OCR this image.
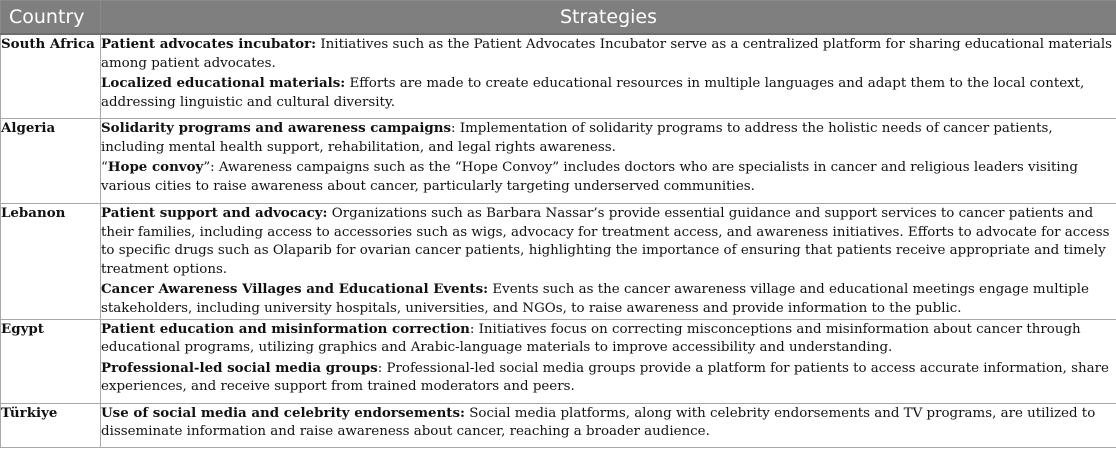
Country	Strategies
South Africa	Patient advocates incubator: Initiatives such as the Patient Advocates Incubator serve as a centralized platform for sharing educational materials among patient advocates.

Localized educational materials: Efforts are made to create educational resources in multiple languages and adapt them to the local context, addressing linguistic and cultural diversity.

Algeria	Solidarity programs and awareness campaigns: Implementation of solidarity programs to address the holistic needs of cancer patients, including mental health support, rehabilitation, and legal rights awareness.

“Hope convoy”: Awareness campaigns such as the “Hope Convoy” includes doctors who are specialists in cancer and religious leaders visiting various cities to raise awareness about cancer, particularly targeting underserved communities.

Lebanon	Patient support and advocacy: Organizations such as Barbara Nassar’s provide essential guidance and support services to cancer patients and their families, including access to accessories such as wigs, advocacy for treatment access, and awareness initiatives. Efforts to advocate for access to specific drugs such as Olaparib for ovarian cancer patients, highlighting the importance of ensuring that patients receive appropriate and timely treatment options.

Cancer Awareness Villages and Educational Events: Events such as the cancer awareness village and educational meetings engage multiple stakeholders, including university hospitals, universities, and NGOs, to raise awareness and provide information to the public.

Egypt	Patient education and misinformation correction: Initiatives focus on correcting misconceptions and misinformation about cancer through educational programs, utilizing graphics and Arabic-language materials to improve accessibility and understanding.

Professional-led social media groups: Professional-led social media groups provide a platform for patients to access accurate information, share experiences, and receive support from trained moderators and peers.

Türkiye	Use of social media and celebrity endorsements: Social media platforms, along with celebrity endorsements and TV programs, are utilized to disseminate information and raise awareness about cancer, reaching a broader audience.
